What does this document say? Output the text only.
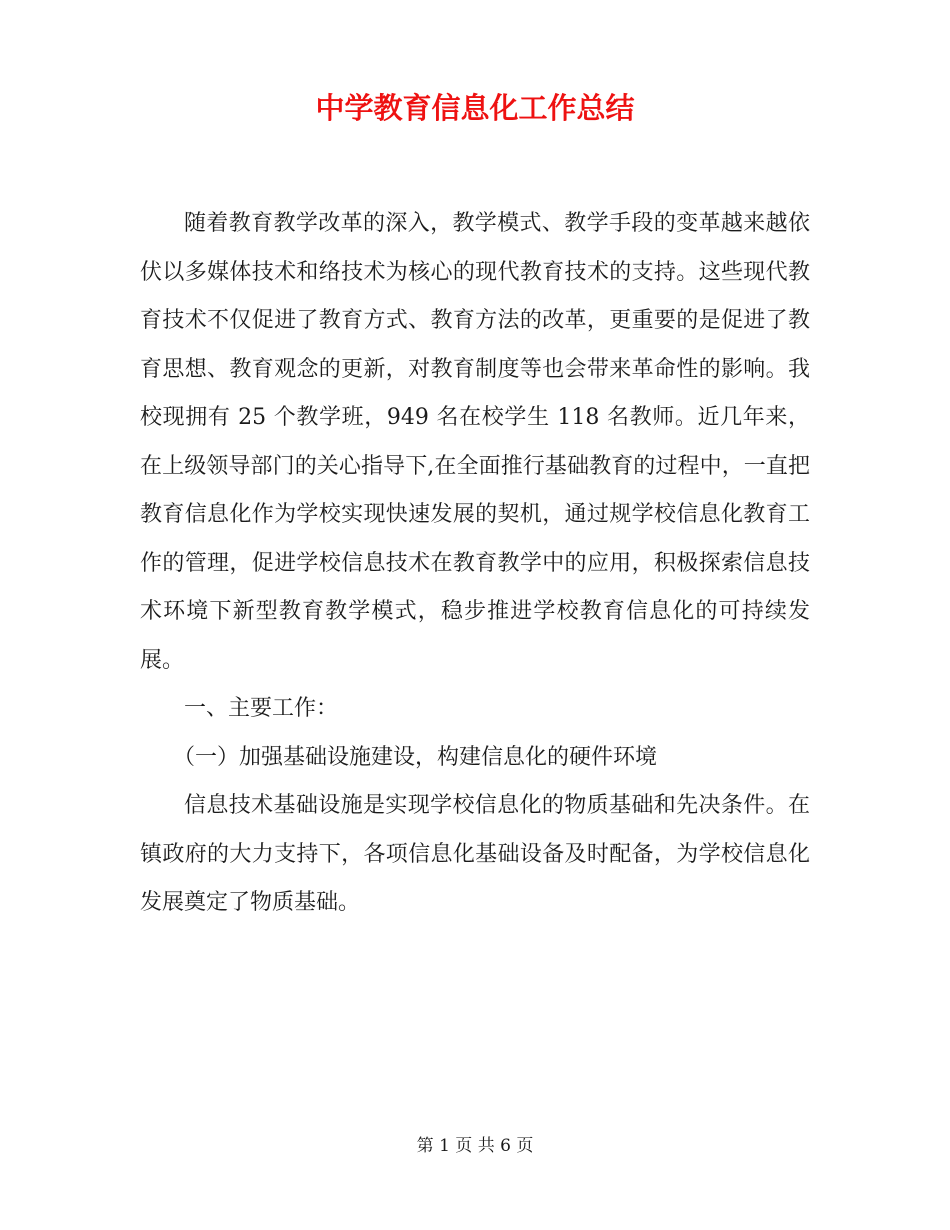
中学教育信息化工作总结

随着教育教学改革的深入，教学模式、教学手段的变革越来越依伏以多媒体技术和络技术为核心的现代教育技术的支持。这些现代教育技术不仅促进了教育方式、教育方法的改革，更重要的是促进了教育思想、教育观念的更新，对教育制度等也会带来革命性的影响。我校现拥有 25 个教学班，949 名在校学生 118 名教师。近几年来，在上级领导部门的关心指导下,在全面推行基础教育的过程中，一直把教育信息化作为学校实现快速发展的契机，通过规学校信息化教育工作的管理，促进学校信息技术在教育教学中的应用，积极探索信息技术环境下新型教育教学模式，稳步推进学校教育信息化的可持续发展。

一、主要工作：

（一）加强基础设施建设，构建信息化的硬件环境

信息技术基础设施是实现学校信息化的物质基础和先决条件。在镇政府的大力支持下，各项信息化基础设备及时配备，为学校信息化发展奠定了物质基础。

第 1 页 共 6 页
